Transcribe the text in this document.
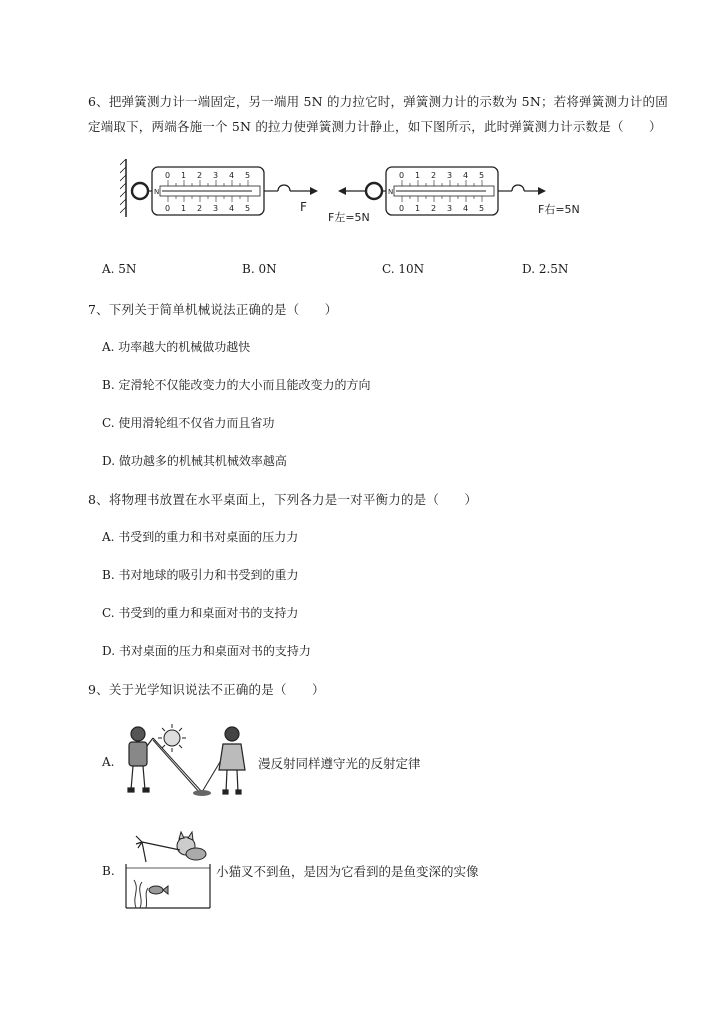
6、把弹簧测力计一端固定，另一端用 5N 的力拉它时，弹簧测力计的示数为 5N；若将弹簧测力计的固
定端取下，两端各施一个 5N 的拉力使弹簧测力计静止，如下图所示，此时弹簧测力计示数是（　　）
0 1 2 3 4 5
0 1 2 3 4 5
N
F
0 1 2 3 4 5
0 1 2 3 4 5
N
F左=5N
F右=5N
A. 5N	B. 0N	C. 10N	D. 2.5N
7、下列关于简单机械说法正确的是（　　）
A. 功率越大的机械做功越快
B. 定滑轮不仅能改变力的大小而且能改变力的方向
C. 使用滑轮组不仅省力而且省功
D. 做功越多的机械其机械效率越高
8、将物理书放置在水平桌面上，下列各力是一对平衡力的是（　　）
A. 书受到的重力和书对桌面的压力力
B. 书对地球的吸引力和书受到的重力
C. 书受到的重力和桌面对书的支持力
D. 书对桌面的压力和桌面对书的支持力
9、关于光学知识说法不正确的是（　　）
A.	漫反射同样遵守光的反射定律
B.	小猫叉不到鱼，是因为它看到的是鱼变深的实像
